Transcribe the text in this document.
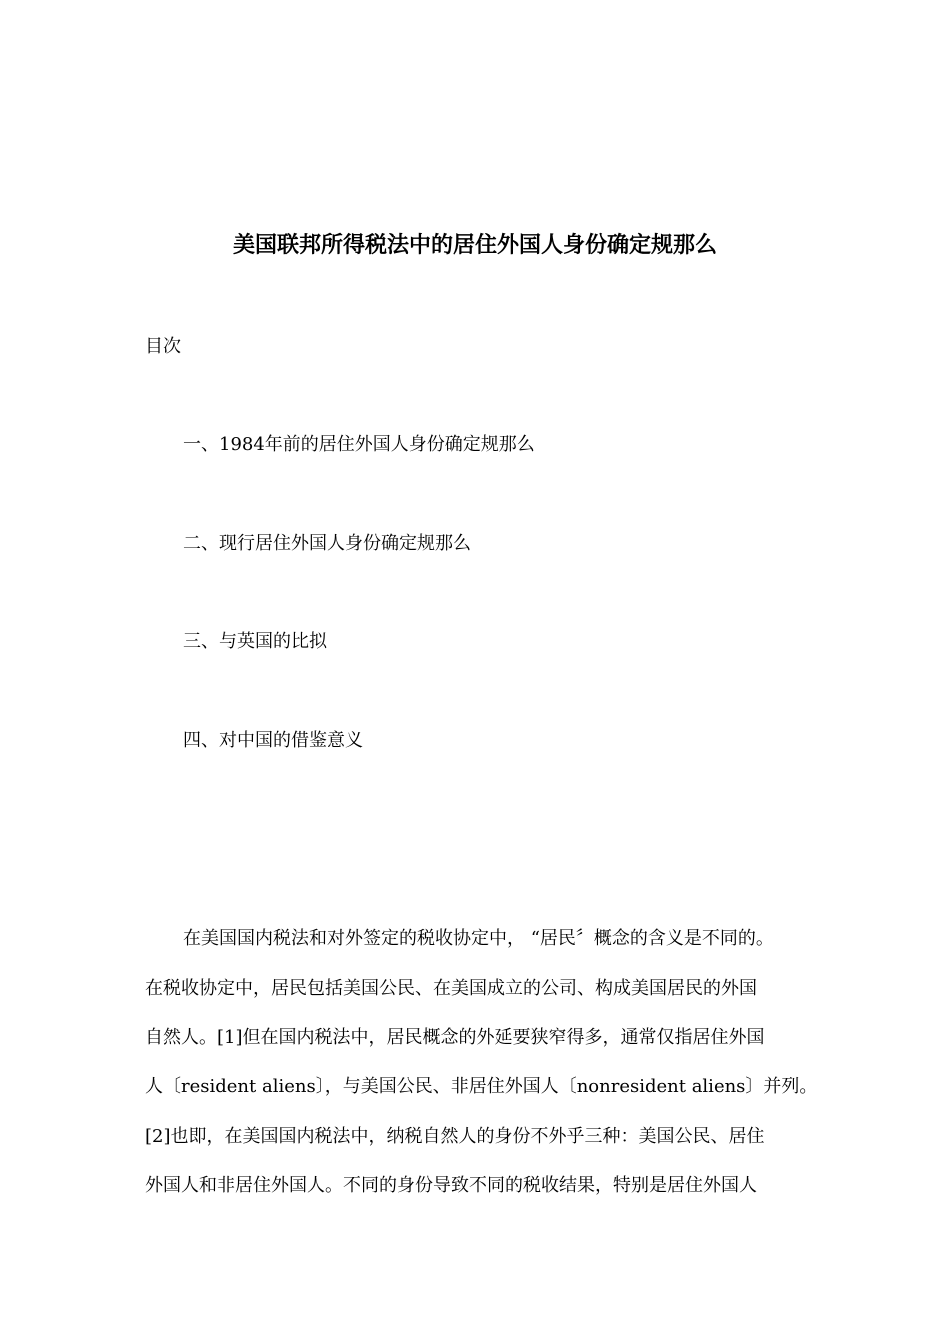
美国联邦所得税法中的居住外国人身份确定规那么
目次
一、1984年前的居住外国人身份确定规那么
二、现行居住外国人身份确定规那么
三、与英国的比拟
四、对中国的借鉴意义
在美国国内税法和对外签定的税收协定中， “居民〞概念的含义是不同的。
在税收协定中，居民包括美国公民、在美国成立的公司、构成美国居民的外国
自然人。[1]但在国内税法中，居民概念的外延要狭窄得多，通常仅指居住外国
人〔resident aliens〕，与美国公民、非居住外国人〔nonresident aliens〕并列。
[2]也即，在美国国内税法中，纳税自然人的身份不外乎三种：美国公民、居住
外国人和非居住外国人。不同的身份导致不同的税收结果，特别是居住外国人
